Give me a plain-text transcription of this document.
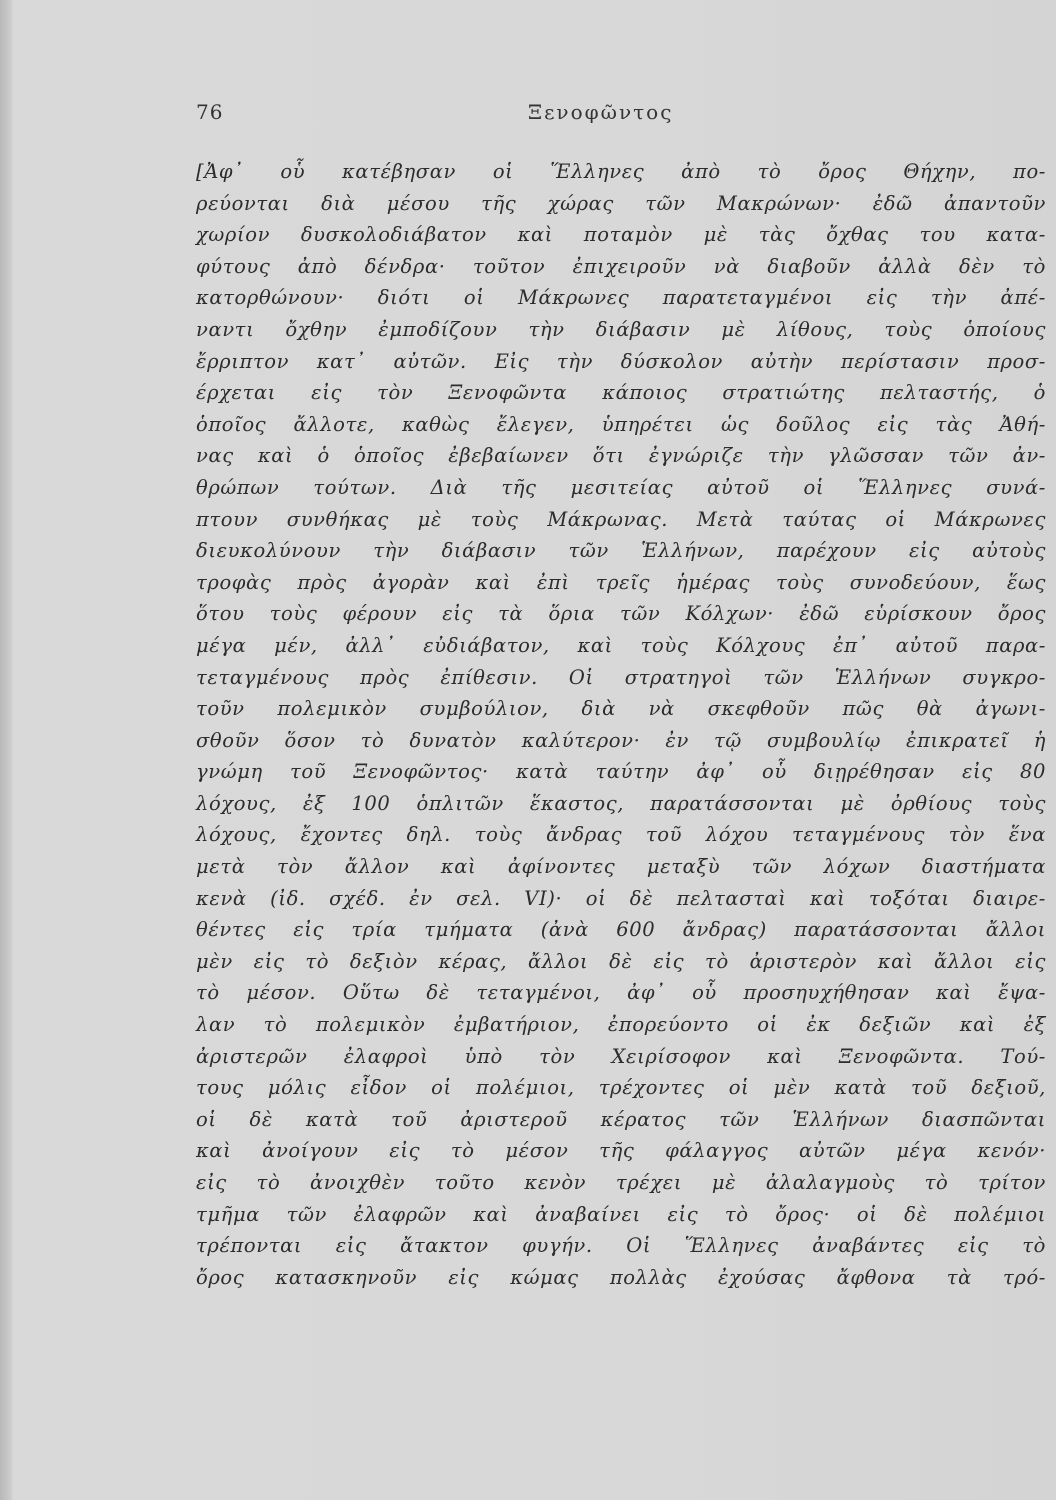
76	Ξενοφῶντος
[Ἀφ᾽ οὗ κατέβησαν οἱ Ἕλληνες ἀπὸ τὸ ὄρος Θήχην, πο-
ρεύονται διὰ μέσου τῆς χώρας τῶν Μακρώνων· ἐδῶ ἀπαντοῦν
χωρίον δυσκολοδιάβατον καὶ ποταμὸν μὲ τὰς ὄχθας του κατα-
φύτους ἀπὸ δένδρα· τοῦτον ἐπιχειροῦν νὰ διαβοῦν ἀλλὰ δὲν τὸ
κατορθώνουν· διότι οἱ Μάκρωνες παρατεταγμένοι εἰς τὴν ἀπέ-
ναντι ὄχθην ἐμποδίζουν τὴν διάβασιν μὲ λίθους, τοὺς ὁποίους
ἔρριπτον κατ᾽ αὐτῶν. Εἰς τὴν δύσκολον αὐτὴν περίστασιν προσ-
έρχεται εἰς τὸν Ξενοφῶντα κάποιος στρατιώτης πελταστής, ὁ
ὁποῖος ἄλλοτε, καθὼς ἔλεγεν, ὑπηρέτει ὡς δοῦλος εἰς τὰς Ἀθή-
νας καὶ ὁ ὁποῖος ἐβεβαίωνεν ὅτι ἐγνώριζε τὴν γλῶσσαν τῶν ἀν-
θρώπων τούτων. Διὰ τῆς μεσιτείας αὐτοῦ οἱ Ἕλληνες συνά-
πτουν συνθήκας μὲ τοὺς Μάκρωνας. Μετὰ ταύτας οἱ Μάκρωνες
διευκολύνουν τὴν διάβασιν τῶν Ἑλλήνων, παρέχουν εἰς αὐτοὺς
τροφὰς πρὸς ἀγορὰν καὶ ἐπὶ τρεῖς ἡμέρας τοὺς συνοδεύουν, ἕως
ὅτου τοὺς φέρουν εἰς τὰ ὅρια τῶν Κόλχων· ἐδῶ εὑρίσκουν ὄρος
μέγα μέν, ἀλλ᾽ εὐδιάβατον, καὶ τοὺς Κόλχους ἐπ᾽ αὐτοῦ παρα-
τεταγμένους πρὸς ἐπίθεσιν. Οἱ στρατηγοὶ τῶν Ἑλλήνων συγκρο-
τοῦν πολεμικὸν συμβούλιον, διὰ νὰ σκεφθοῦν πῶς θὰ ἀγωνι-
σθοῦν ὅσον τὸ δυνατὸν καλύτερον· ἐν τῷ συμβουλίῳ ἐπικρατεῖ ἡ
γνώμη τοῦ Ξενοφῶντος· κατὰ ταύτην ἀφ᾽ οὗ διῃρέθησαν εἰς 80
λόχους, ἐξ 100 ὁπλιτῶν ἕκαστος, παρατάσσονται μὲ ὀρθίους τοὺς
λόχους, ἔχοντες δηλ. τοὺς ἄνδρας τοῦ λόχου τεταγμένους τὸν ἕνα
μετὰ τὸν ἄλλον καὶ ἀφίνοντες μεταξὺ τῶν λόχων διαστήματα
κενὰ (ἰδ. σχέδ. ἐν σελ. VI)· οἱ δὲ πελτασταὶ καὶ τοξόται διαιρε-
θέντες εἰς τρία τμήματα (ἀνὰ 600 ἄνδρας) παρατάσσονται ἄλλοι
μὲν εἰς τὸ δεξιὸν κέρας, ἄλλοι δὲ εἰς τὸ ἀριστερὸν καὶ ἄλλοι εἰς
τὸ μέσον. Οὕτω δὲ τεταγμένοι, ἀφ᾽ οὗ προσηυχήθησαν καὶ ἔψα-
λαν τὸ πολεμικὸν ἐμβατήριον, ἐπορεύοντο οἱ ἐκ δεξιῶν καὶ ἐξ
ἀριστερῶν ἐλαφροὶ ὑπὸ τὸν Χειρίσοφον καὶ Ξενοφῶντα. Τού-
τους μόλις εἶδον οἱ πολέμιοι, τρέχοντες οἱ μὲν κατὰ τοῦ δεξιοῦ,
οἱ δὲ κατὰ τοῦ ἀριστεροῦ κέρατος τῶν Ἑλλήνων διασπῶνται
καὶ ἀνοίγουν εἰς τὸ μέσον τῆς φάλαγγος αὐτῶν μέγα κενόν·
εἰς τὸ ἀνοιχθὲν τοῦτο κενὸν τρέχει μὲ ἀλαλαγμοὺς τὸ τρίτον
τμῆμα τῶν ἐλαφρῶν καὶ ἀναβαίνει εἰς τὸ ὄρος· οἱ δὲ πολέμιοι
τρέπονται εἰς ἄτακτον φυγήν. Οἱ Ἕλληνες ἀναβάντες εἰς τὸ
ὄρος κατασκηνοῦν εἰς κώμας πολλὰς ἐχούσας ἄφθονα τὰ τρό-
